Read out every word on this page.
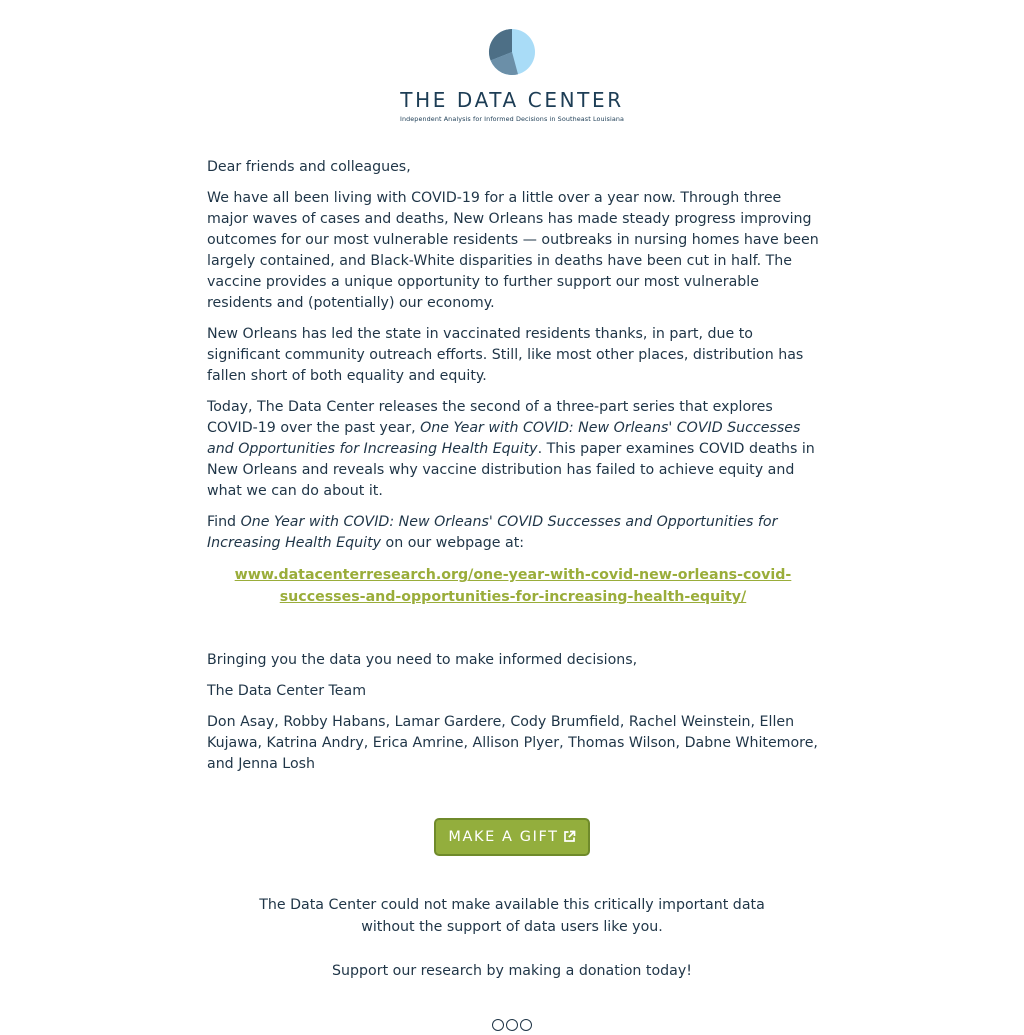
THE DATA CENTER
Independent Analysis for Informed Decisions in Southeast Louisiana

Dear friends and colleagues,

We have all been living with COVID-19 for a little over a year now. Through three major waves of cases and deaths, New Orleans has made steady progress improving outcomes for our most vulnerable residents — outbreaks in nursing homes have been largely contained, and Black-White disparities in deaths have been cut in half. The vaccine provides a unique opportunity to further support our most vulnerable residents and (potentially) our economy.

New Orleans has led the state in vaccinated residents thanks, in part, due to significant community outreach efforts. Still, like most other places, distribution has fallen short of both equality and equity.

Today, The Data Center releases the second of a three-part series that explores COVID-19 over the past year, One Year with COVID: New Orleans' COVID Successes and Opportunities for Increasing Health Equity. This paper examines COVID deaths in New Orleans and reveals why vaccine distribution has failed to achieve equity and what we can do about it.

Find One Year with COVID: New Orleans' COVID Successes and Opportunities for Increasing Health Equity on our webpage at:

www.datacenterresearch.org/one-year-with-covid-new-orleans-covid-
successes-and-opportunities-for-increasing-health-equity/

Bringing you the data you need to make informed decisions,

The Data Center Team

Don Asay, Robby Habans, Lamar Gardere, Cody Brumfield, Rachel Weinstein, Ellen Kujawa, Katrina Andry, Erica Amrine, Allison Plyer, Thomas Wilson, Dabne Whitemore, and Jenna Losh

MAKE A GIFT

The Data Center could not make available this critically important data

without the support of data users like you.

Support our research by making a donation today!
